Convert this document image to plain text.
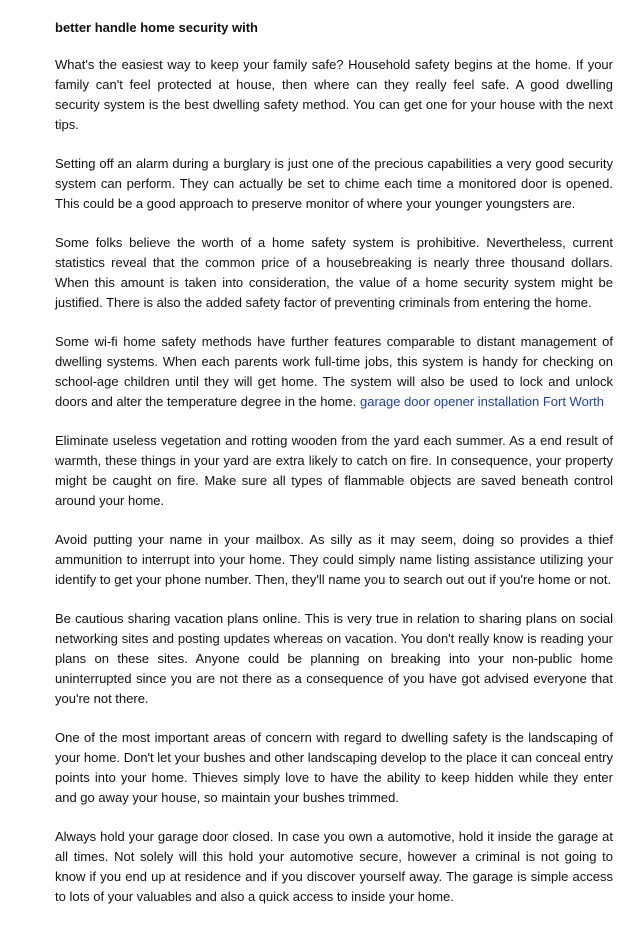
better handle home security with

What's the easiest way to keep your family safe? Household safety begins at the home. If your family can't feel protected at house, then where can they really feel safe. A good dwelling security system is the best dwelling safety method. You can get one for your house with the next tips.

Setting off an alarm during a burglary is just one of the precious capabilities a very good security system can perform. They can actually be set to chime each time a monitored door is opened. This could be a good approach to preserve monitor of where your younger youngsters are.

Some folks believe the worth of a home safety system is prohibitive. Nevertheless, current statistics reveal that the common price of a housebreaking is nearly three thousand dollars. When this amount is taken into consideration, the value of a home security system might be justified. There is also the added safety factor of preventing criminals from entering the home.

Some wi-fi home safety methods have further features comparable to distant management of dwelling systems. When each parents work full-time jobs, this system is handy for checking on school-age children until they will get home. The system will also be used to lock and unlock doors and alter the temperature degree in the home. garage door opener installation Fort Worth

Eliminate useless vegetation and rotting wooden from the yard each summer. As a end result of warmth, these things in your yard are extra likely to catch on fire. In consequence, your property might be caught on fire. Make sure all types of flammable objects are saved beneath control around your home.

Avoid putting your name in your mailbox. As silly as it may seem, doing so provides a thief ammunition to interrupt into your home. They could simply name listing assistance utilizing your identify to get your phone number. Then, they'll name you to search out out if you're home or not.

Be cautious sharing vacation plans online. This is very true in relation to sharing plans on social networking sites and posting updates whereas on vacation. You don't really know is reading your plans on these sites. Anyone could be planning on breaking into your non-public home uninterrupted since you are not there as a consequence of you have got advised everyone that you're not there.

One of the most important areas of concern with regard to dwelling safety is the landscaping of your home. Don't let your bushes and other landscaping develop to the place it can conceal entry points into your home. Thieves simply love to have the ability to keep hidden while they enter and go away your house, so maintain your bushes trimmed.

Always hold your garage door closed. In case you own a automotive, hold it inside the garage at all times. Not solely will this hold your automotive secure, however a criminal is not going to know if you end up at residence and if you discover yourself away. The garage is simple access to lots of your valuables and also a quick access to inside your home.
